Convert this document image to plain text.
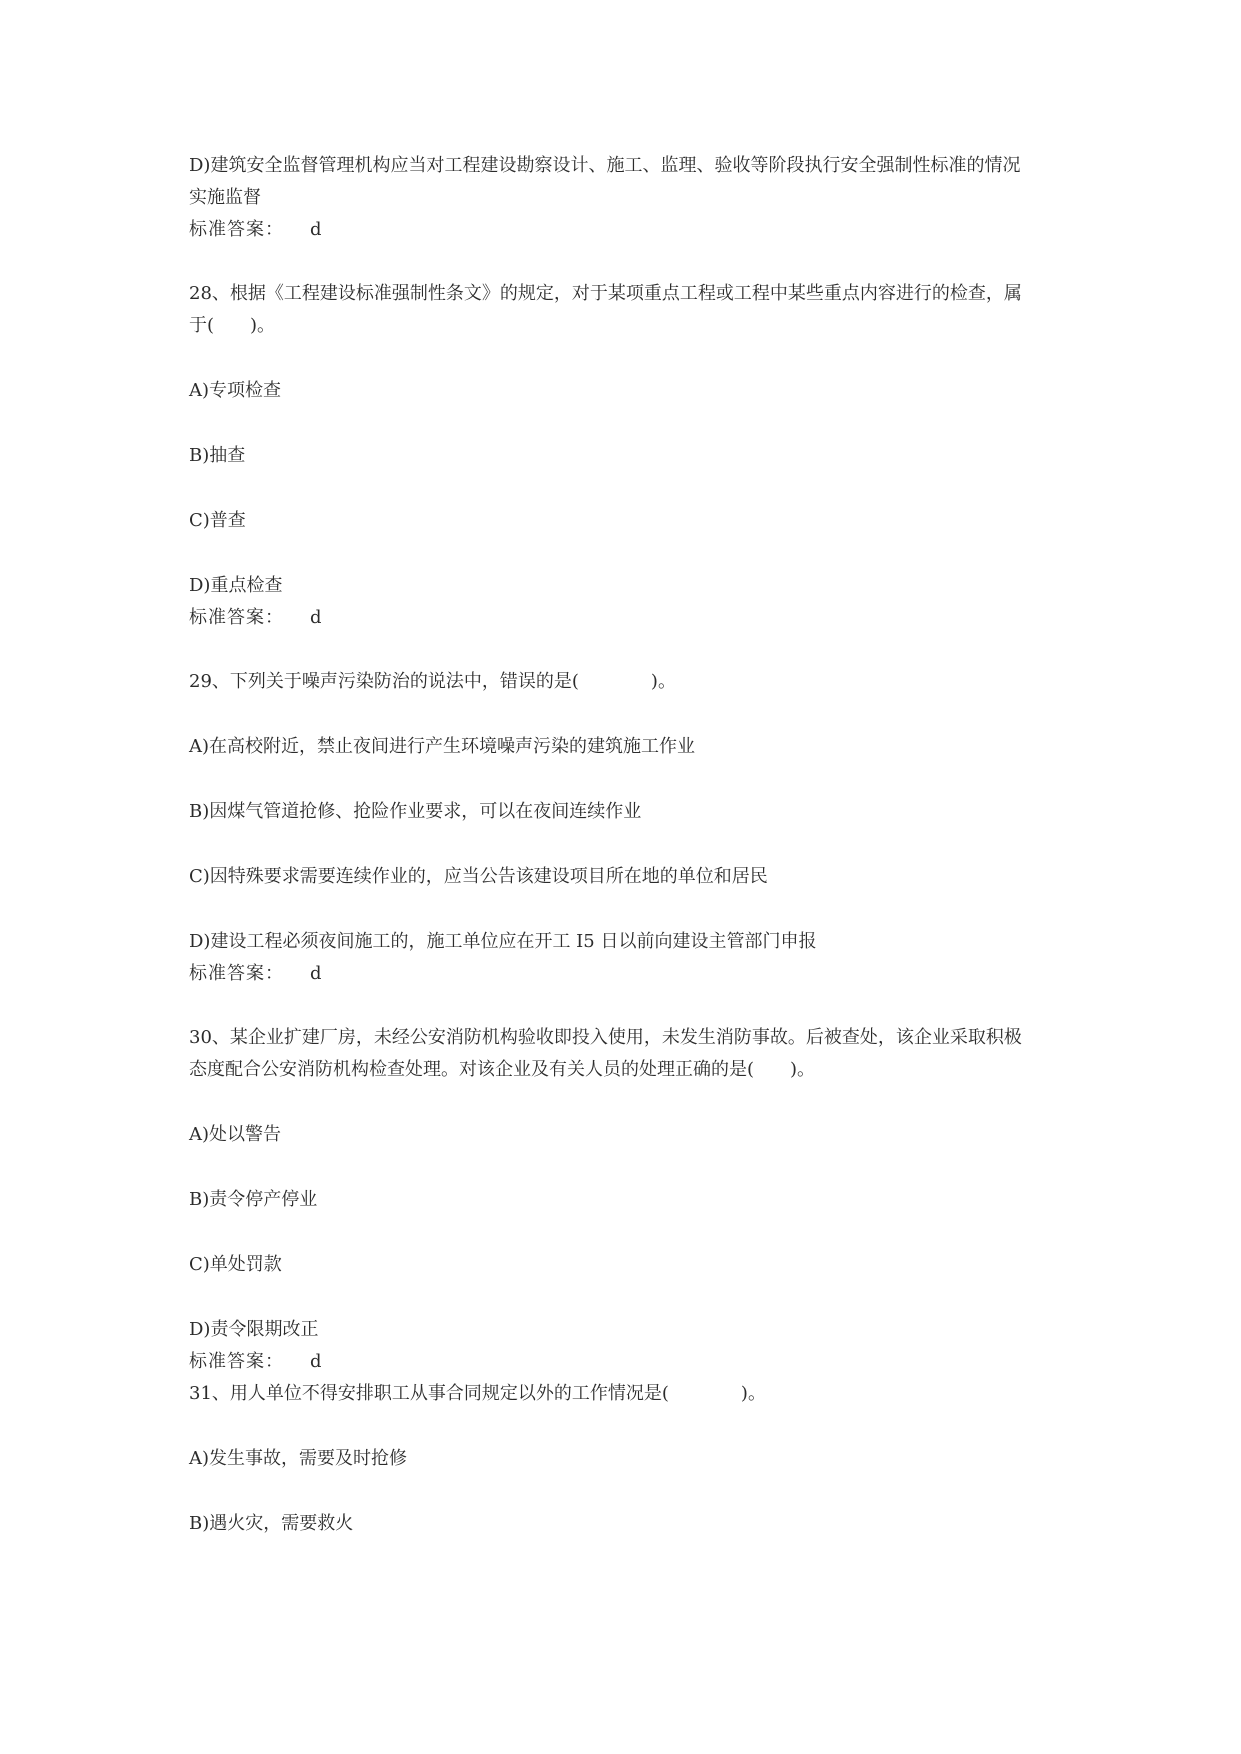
D)建筑安全监督管理机构应当对工程建设勘察设计、施工、监理、验收等阶段执行安全强制性标准的情况
实施监督
标准答案： d
28、根据《工程建设标准强制性条文》的规定，对于某项重点工程或工程中某些重点内容进行的检查，属
于(　　)。
A)专项检查
B)抽查
C)普查
D)重点检查
标准答案： d
29、下列关于噪声污染防治的说法中，错误的是(　　　　)。
A)在高校附近，禁止夜间进行产生环境噪声污染的建筑施工作业
B)因煤气管道抢修、抢险作业要求，可以在夜间连续作业
C)因特殊要求需要连续作业的，应当公告该建设项目所在地的单位和居民
D)建设工程必须夜间施工的，施工单位应在开工 I5 日以前向建设主管部门申报
标准答案： d
30、某企业扩建厂房，未经公安消防机构验收即投入使用，未发生消防事故。后被查处，该企业采取积极
态度配合公安消防机构检查处理。对该企业及有关人员的处理正确的是(　　)。
A)处以警告
B)责令停产停业
C)单处罚款
D)责令限期改正
标准答案： d
31、用人单位不得安排职工从事合同规定以外的工作情况是(　　　　)。
A)发生事故，需要及时抢修
B)遇火灾，需要救火
